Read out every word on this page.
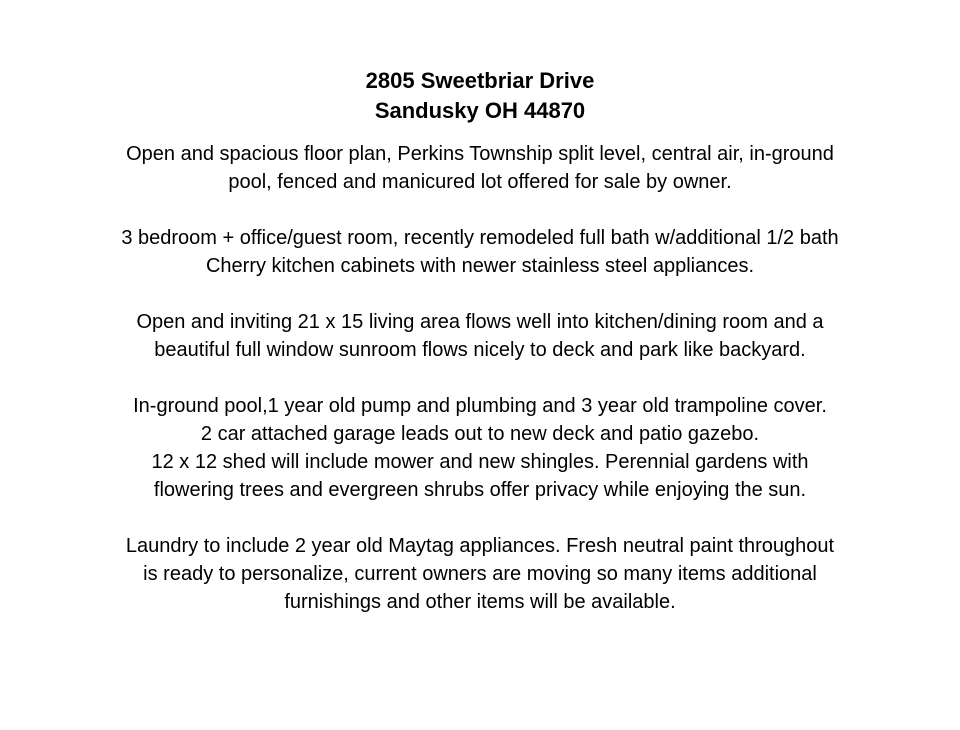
2805 Sweetbriar Drive
Sandusky OH 44870
Open and spacious floor plan, Perkins Township split level, central air, in-ground
pool, fenced and manicured lot offered for sale by owner.
3 bedroom + office/guest room, recently remodeled full bath w/additional 1/2 bath
Cherry kitchen cabinets with newer stainless steel appliances.
Open and inviting 21 x 15 living area flows well into kitchen/dining room and a
beautiful full window sunroom flows nicely to deck and park like backyard.
In-ground pool,1 year old pump and plumbing and 3 year old trampoline cover.
2 car attached garage leads out to new deck and patio gazebo.
12 x 12 shed will include mower and new shingles. Perennial gardens with
flowering trees and evergreen shrubs offer privacy while enjoying the sun.
Laundry to include 2 year old Maytag appliances. Fresh neutral paint throughout
is ready to personalize, current owners are moving so many items additional
furnishings and other items will be available.
